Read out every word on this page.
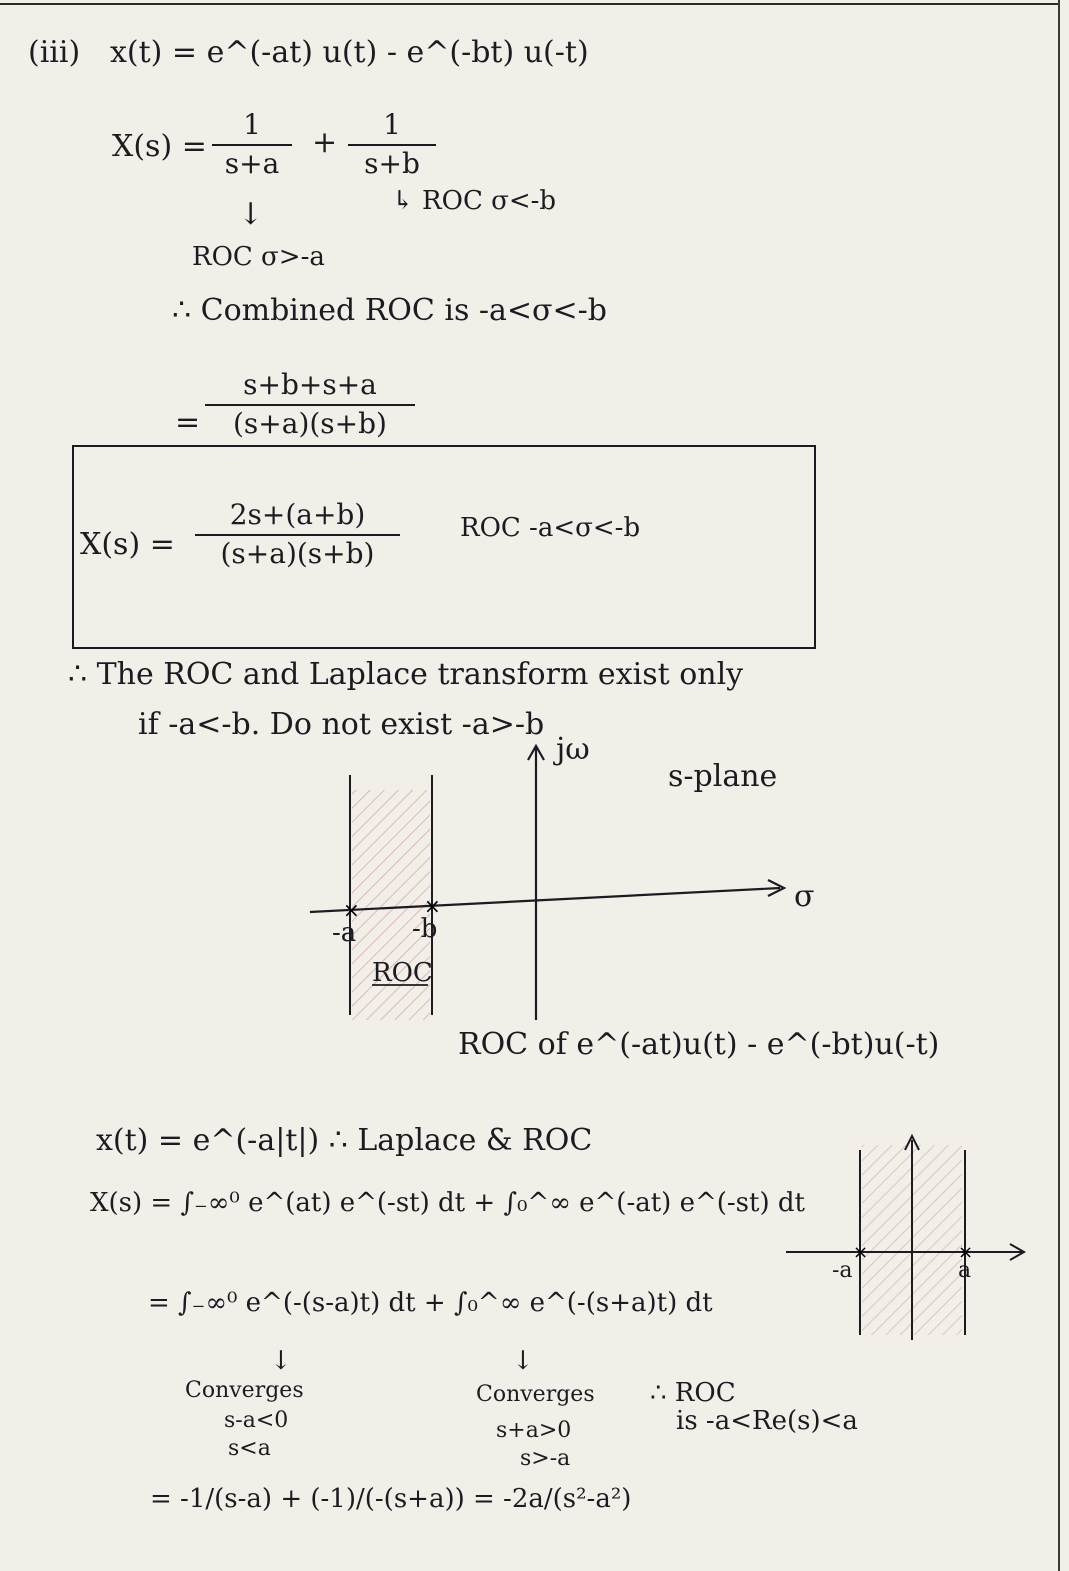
(iii) x(t) = e^(-at) u(t) - e^(-bt) u(-t)
X(s) =
1
s+a
+
1
s+b
↓	↳ ROC σ<-b
ROC σ>-a
∴ Combined ROC is -a<σ<-b
=
s+b+s+a
(s+a)(s+b)
X(s) =
2s+(a+b)
(s+a)(s+b)
ROC -a<σ<-b
∴ The ROC and Laplace transform exist only
if -a<-b. Do not exist -a>-b
×	×
×	×
jω
s-plane
σ
-a -b
ROC
ROC of e^(-at)u(t) - e^(-bt)u(-t)
x(t) = e^(-a|t|) ∴ Laplace & ROC
X(s) = ∫₋∞⁰ e^(at) e^(-st) dt + ∫₀^∞ e^(-at) e^(-st) dt
= ∫₋∞⁰ e^(-(s-a)t) dt + ∫₀^∞ e^(-(s+a)t) dt
↓
Converges
s-a<0
s<a
↓
Converges
s+a>0
s>-a
∴ ROC
is -a<Re(s)<a
= -1/(s-a) + (-1)/(-(s+a)) = -2a/(s²-a²)
-a	a
